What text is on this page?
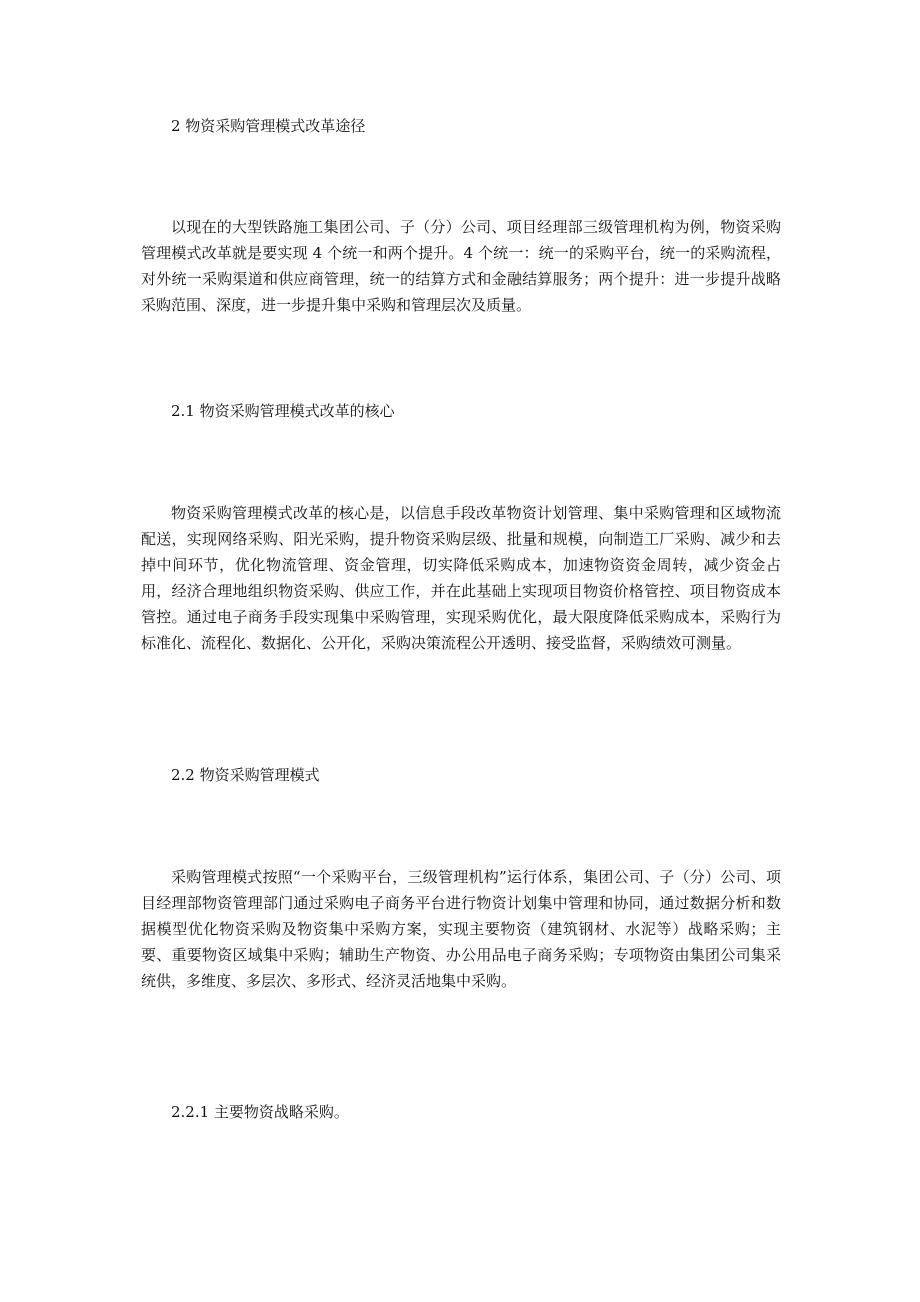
2 物资采购管理模式改革途径

以现在的大型铁路施工集团公司、子（分）公司、项目经理部三级管理机构为例，物资采购管理模式改革就是要实现 4 个统一和两个提升。4 个统一：统一的采购平台，统一的采购流程，对外统一采购渠道和供应商管理，统一的结算方式和金融结算服务；两个提升：进一步提升战略采购范围、深度，进一步提升集中采购和管理层次及质量。

2.1 物资采购管理模式改革的核心

物资采购管理模式改革的核心是，以信息手段改革物资计划管理、集中采购管理和区域物流配送，实现网络采购、阳光采购，提升物资采购层级、批量和规模，向制造工厂采购、减少和去掉中间环节，优化物流管理、资金管理，切实降低采购成本，加速物资资金周转，减少资金占用，经济合理地组织物资采购、供应工作，并在此基础上实现项目物资价格管控、项目物资成本管控。通过电子商务手段实现集中采购管理，实现采购优化，最大限度降低采购成本，采购行为标准化、流程化、数据化、公开化，采购决策流程公开透明、接受监督，采购绩效可测量。

2.2 物资采购管理模式

采购管理模式按照“一个采购平台，三级管理机构”运行体系，集团公司、子（分）公司、项目经理部物资管理部门通过采购电子商务平台进行物资计划集中管理和协同，通过数据分析和数据模型优化物资采购及物资集中采购方案，实现主要物资（建筑钢材、水泥等）战略采购；主要、重要物资区域集中采购；辅助生产物资、办公用品电子商务采购；专项物资由集团公司集采统供，多维度、多层次、多形式、经济灵活地集中采购。

2.2.1 主要物资战略采购。
